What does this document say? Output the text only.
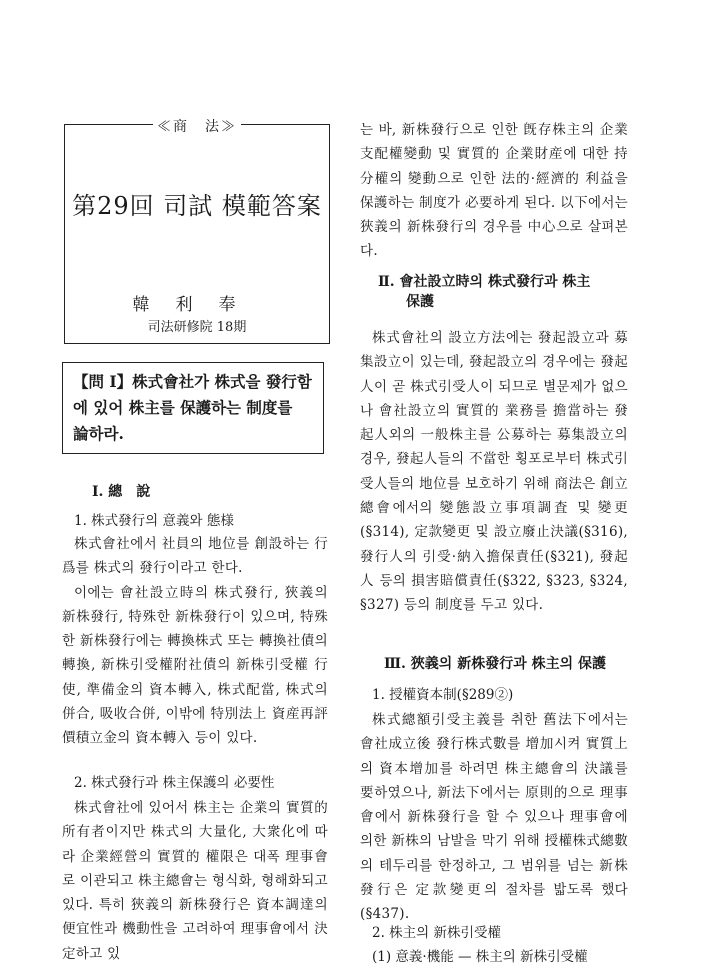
≪商　法≫
第29回 司試 模範答案
韓利奉
司法研修院 18期
【問 Ⅰ】株式會社가 株式을 發行함에 있어 株主를 保護하는 制度를 論하라.
Ⅰ. 總　說
1. 株式發行의 意義와 態様

株式會社에서 社員의 地位를 創設하는 行爲를 株式의 發行이라고 한다.

이에는 會社設立時의 株式發行, 狹義의 新株發行, 特殊한 新株發行이 있으며, 特殊한 新株發行에는 轉換株式 또는 轉換社債의 轉換, 新株引受權附社債의 新株引受權 行使, 準備金의 資本轉入, 株式配當, 株式의 併合, 吸收合併, 이밖에 特別法上 資産再評價積立金의 資本轉入 등이 있다.

2. 株式發行과 株主保護의 必要性

株式會社에 있어서 株主는 企業의 實質的 所有者이지만 株式의 大量化, 大衆化에 따라 企業經營의 實質的 權限은 대폭 理事會로 이관되고 株主總會는 형식화, 형해화되고 있다. 특히 狹義의 新株發行은 資本調達의 便宜性과 機動性을 고려하여 理事會에서 決定하고 있

는 바, 新株發行으로 인한 旣存株主의 企業支配權變動 및 實質的 企業財産에 대한 持分權의 變動으로 인한 法的·經濟的 利益을 保護하는 制度가 必要하게 된다. 以下에서는 狹義의 新株發行의 경우를 中心으로 살펴본다.

Ⅱ. 會社設立時의 株式發行과 株主
保護

株式會社의 設立方法에는 發起設立과 募集設立이 있는데, 發起設立의 경우에는 發起人이 곧 株式引受人이 되므로 별문제가 없으나 會社設立의 實質的 業務를 擔當하는 發起人외의 一般株主를 公募하는 募集設立의 경우, 發起人들의 不當한 횡포로부터 株式引受人들의 地位를 보호하기 위해 商法은 創立總會에서의 變態設立事項調査 및 變更(§314), 定款變更 및 設立廢止決議(§316), 發行人의 引受·納入擔保責任(§321), 發起人 등의 損害賠償責任(§322, §323, §324, §327) 등의 制度를 두고 있다.

Ⅲ. 狹義의 新株發行과 株主의 保護
1. 授權資本制(§289②)

株式總額引受主義를 취한 舊法下에서는 會社成立後 發行株式數를 增加시켜 實質上의 資本增加를 하려면 株主總會의 決議를 要하였으나, 新法下에서는 原則的으로 理事會에서 新株發行을 할 수 있으나 理事會에 의한 新株의 남발을 막기 위해 授權株式總數의 테두리를 한정하고, 그 범위를 넘는 新株發行은 定款變更의 절차를 밟도록 했다(§437).

2. 株主의 新株引受權
(1) 意義·機能 — 株主의 新株引受權
